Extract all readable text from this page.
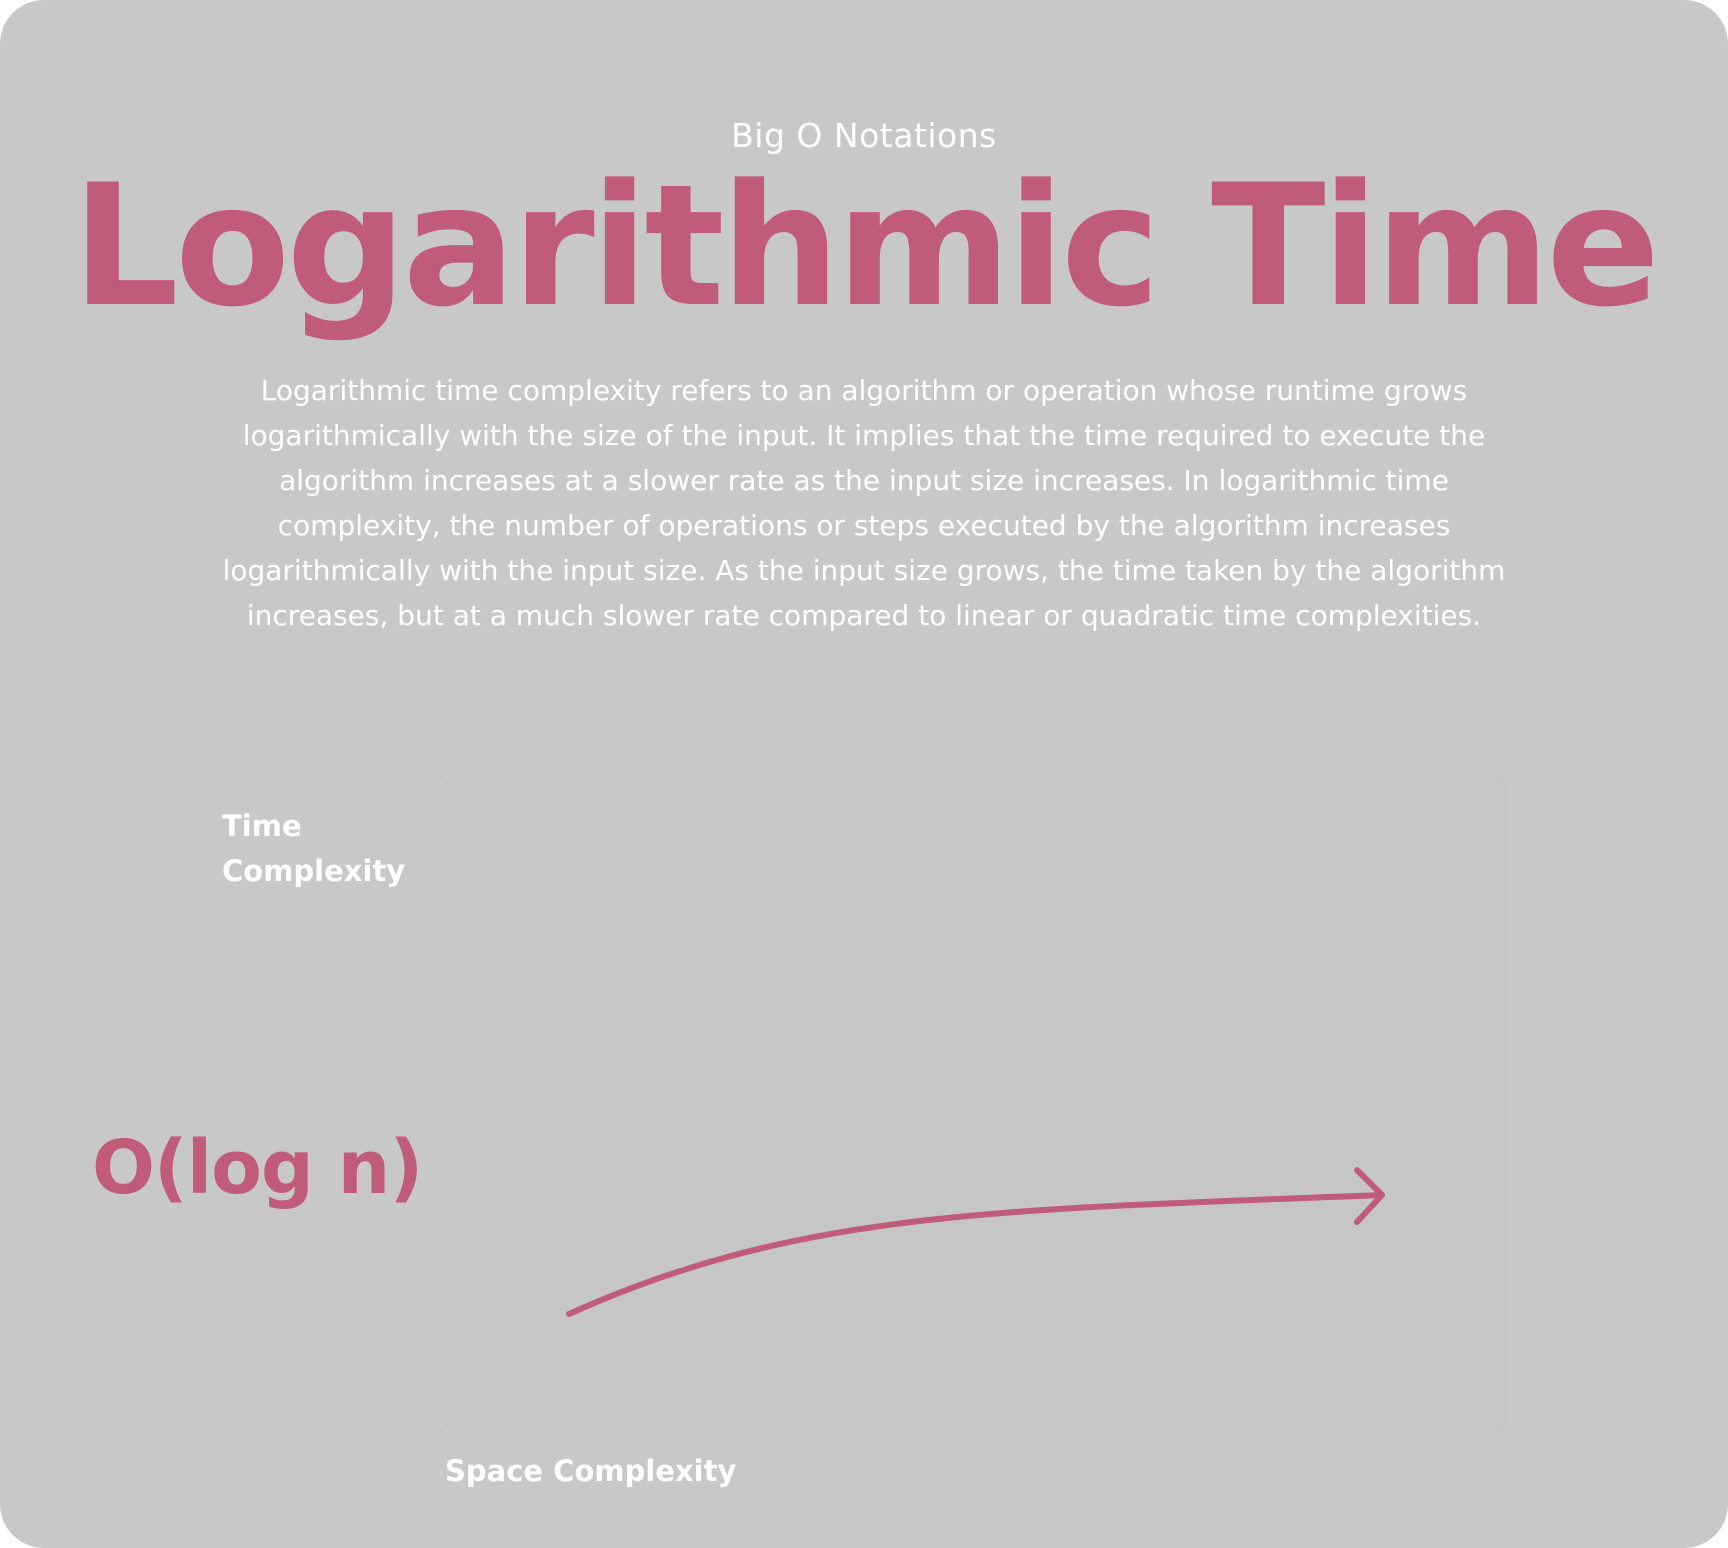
Big O Notations
Logarithmic Time
Logarithmic time complexity refers to an algorithm or operation whose runtime grows logarithmically with the size of the input. It implies that the time required to execute the algorithm increases at a slower rate as the input size increases. In logarithmic time complexity, the number of operations or steps executed by the algorithm increases logarithmically with the input size. As the input size grows, the time taken by the algorithm increases, but at a much slower rate compared to linear or quadratic time complexities.
Time Complexity
O(log n)
Space Complexity
